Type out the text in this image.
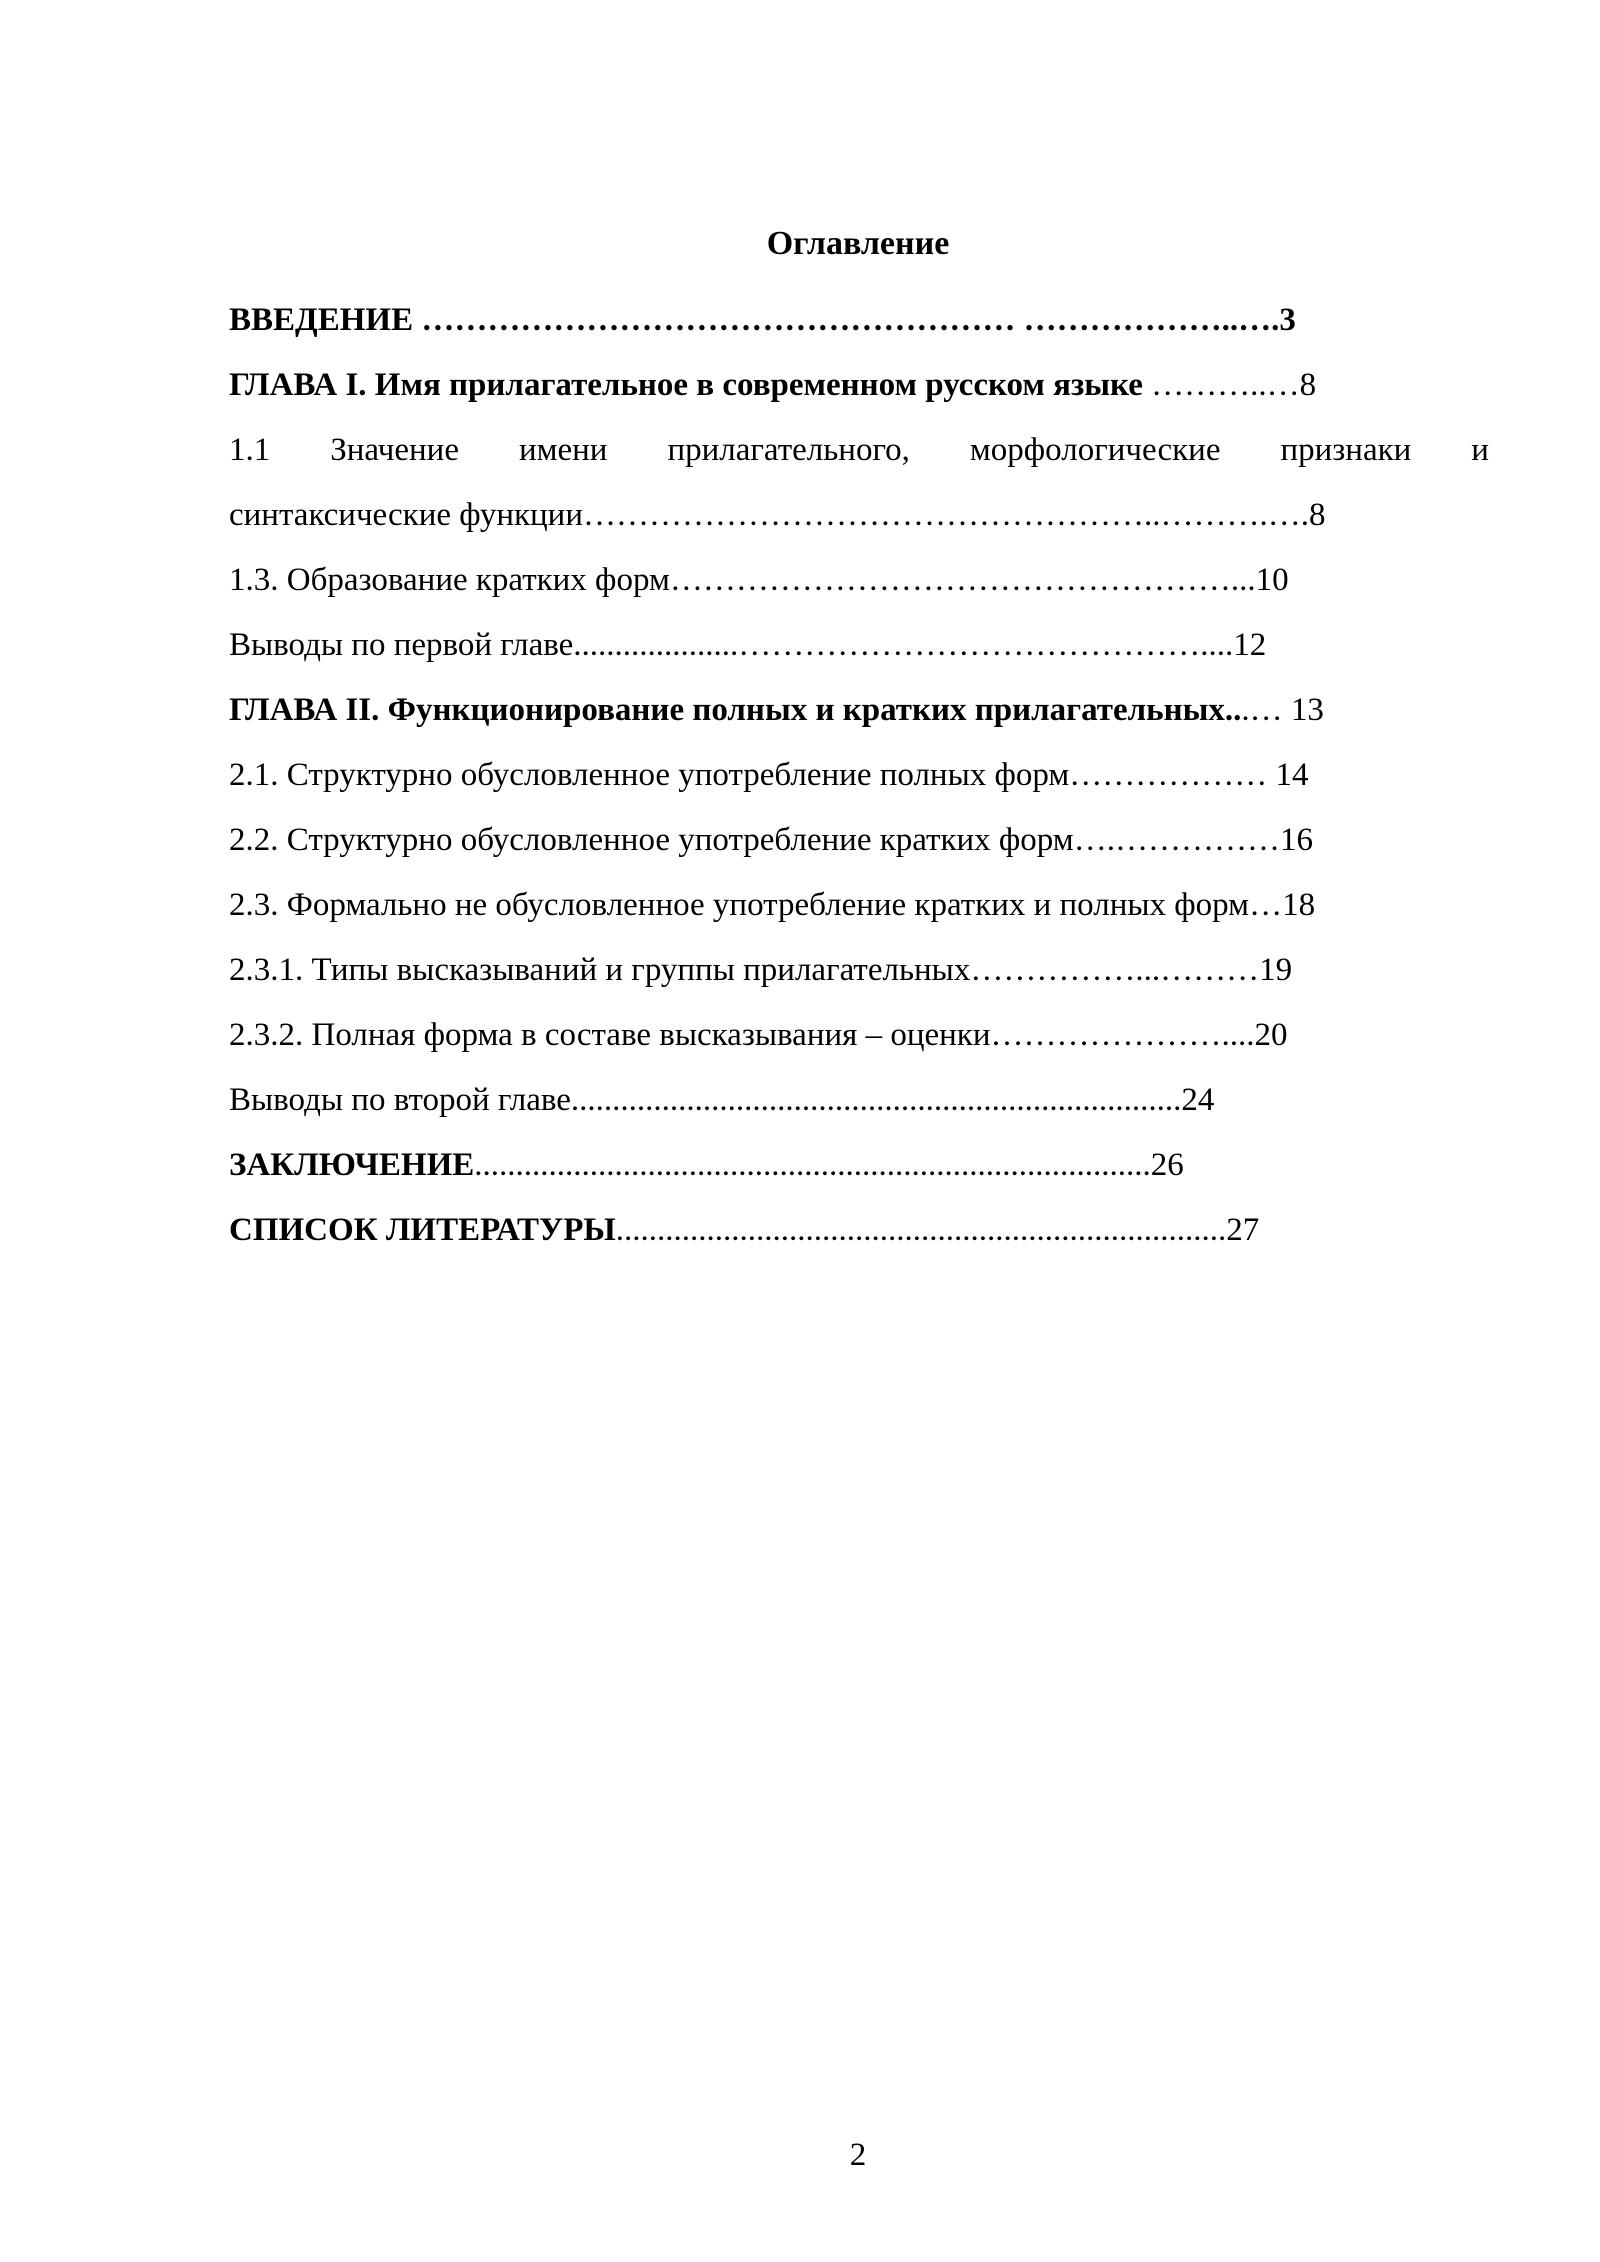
Оглавление
ВВЕДЕНИЕ ……………………………………………… ………………..….3
ГЛАВА I. Имя прилагательное в современном русском языке ………..…8
1.1 Значение имени прилагательного, морфологические признаки и
синтаксические функции……………………………………………..……….….8
1.3. Образование кратких форм……………………………………………...10
Выводы по первой главе....................……………………………………....12
ГЛАВА II. Функционирование полных и кратких прилагательных...… 13
2.1. Структурно обусловленное употребление полных форм……………… 14
2.2. Структурно обусловленное употребление кратких форм….……………16
2.3. Формально не обусловленное употребление кратких и полных форм…18
2.3.1. Типы высказываний и группы прилагательных……………...………19
2.3.2. Полная форма в составе высказывания – оценки…………………....20
Выводы по второй главе..........................................................................24
ЗАКЛЮЧЕНИЕ..................................................................................26
СПИСОК ЛИТЕРАТУРЫ..........................................................................27
2
